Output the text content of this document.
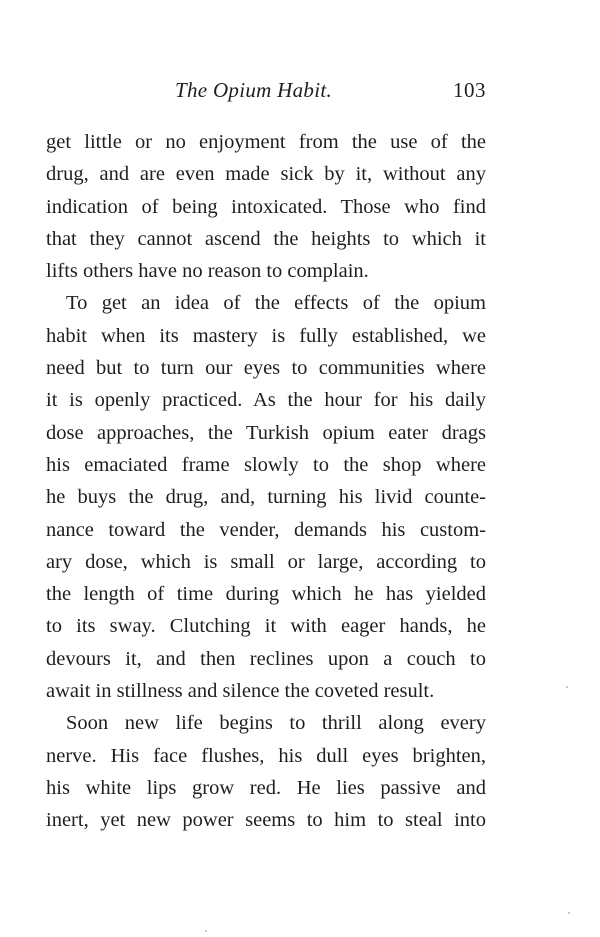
The Opium Habit.	103
get little or no enjoyment from the use of the
drug, and are even made sick by it, without any
indication of being intoxicated. Those who find
that they cannot ascend the heights to which it
lifts others have no reason to complain.
To get an idea of the effects of the opium
habit when its mastery is fully established, we
need but to turn our eyes to communities where
it is openly practiced. As the hour for his daily
dose approaches, the Turkish opium eater drags
his emaciated frame slowly to the shop where
he buys the drug, and, turning his livid counte-
nance toward the vender, demands his custom-
ary dose, which is small or large, according to
the length of time during which he has yielded
to its sway. Clutching it with eager hands, he
devours it, and then reclines upon a couch to
await in stillness and silence the coveted result.
Soon new life begins to thrill along every
nerve. His face flushes, his dull eyes brighten,
his white lips grow red. He lies passive and
inert, yet new power seems to him to steal into
